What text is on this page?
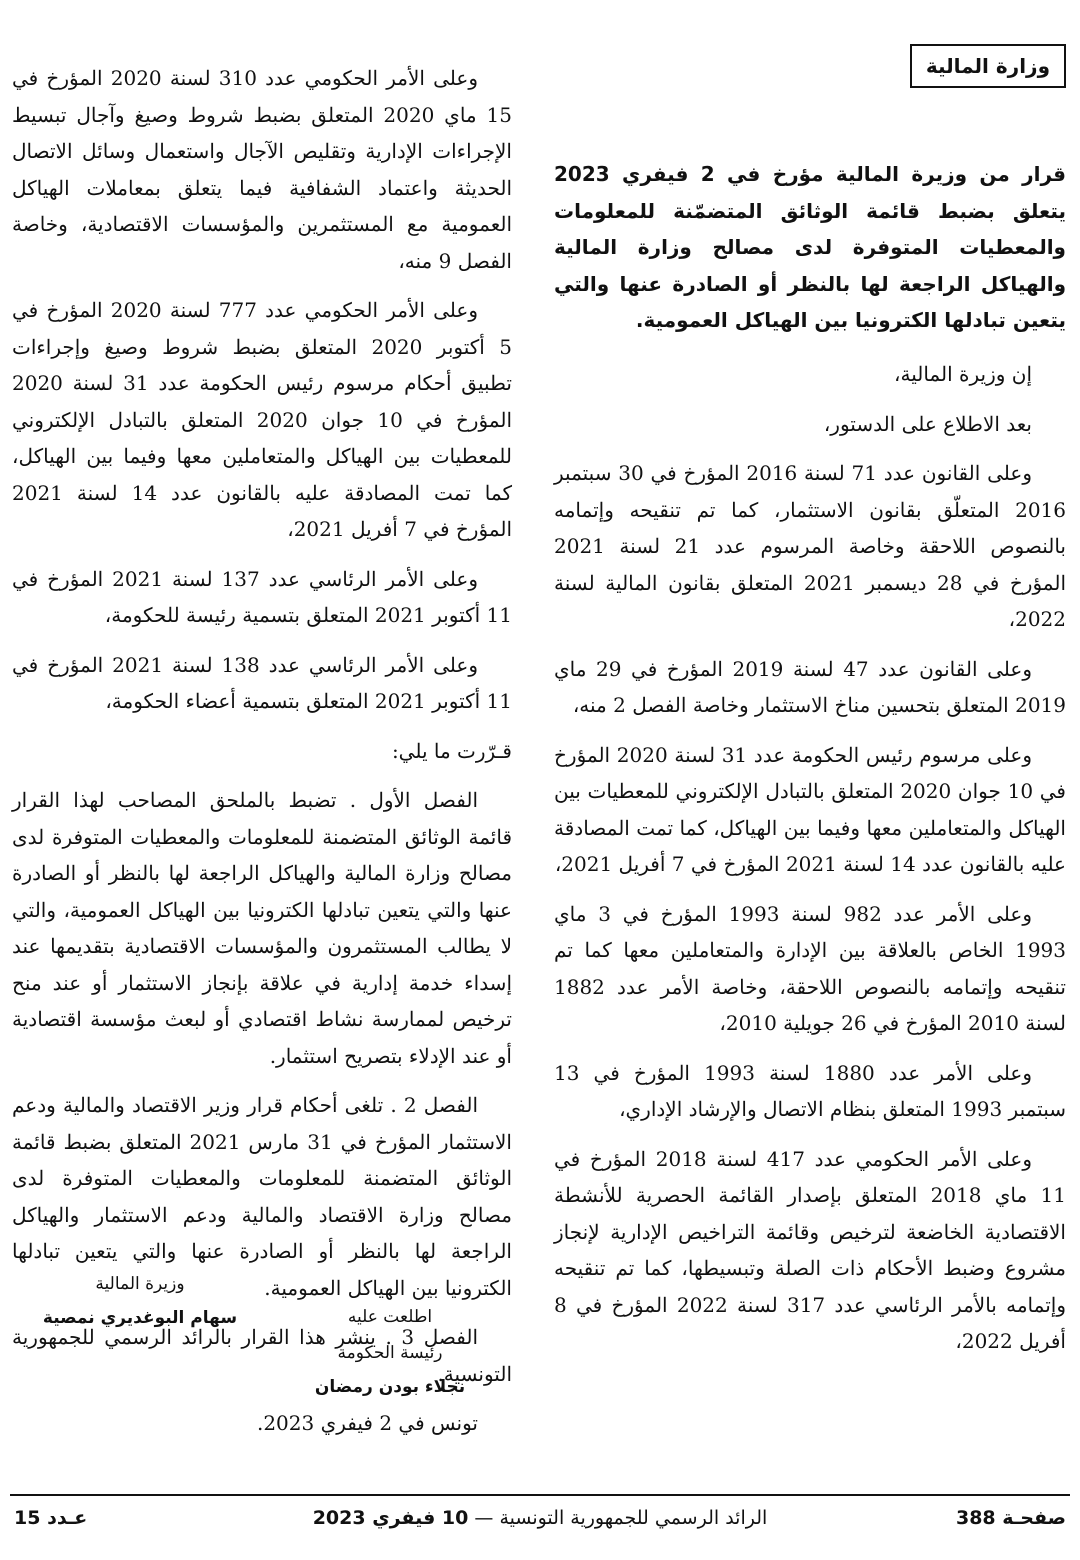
وزارة المالية
قرار من وزيرة المالية مؤرخ في 2 فيفري 2023 يتعلق بضبط قائمة الوثائق المتضمّنة للمعلومات والمعطيات المتوفرة لدى مصالح وزارة المالية والهياكل الراجعة لها بالنظر أو الصادرة عنها والتي يتعين تبادلها الكترونيا بين الهياكل العمومية.

إن وزيرة المالية،

بعد الاطلاع على الدستور،

وعلى القانون عدد 71 لسنة 2016 المؤرخ في 30 سبتمبر 2016 المتعلّق بقانون الاستثمار، كما تم تنقيحه وإتمامه بالنصوص اللاحقة وخاصة المرسوم عدد 21 لسنة 2021 المؤرخ في 28 ديسمبر 2021 المتعلق بقانون المالية لسنة 2022،

وعلى القانون عدد 47 لسنة 2019 المؤرخ في 29 ماي 2019 المتعلق بتحسين مناخ الاستثمار وخاصة الفصل 2 منه،

وعلى مرسوم رئيس الحكومة عدد 31 لسنة 2020 المؤرخ في 10 جوان 2020 المتعلق بالتبادل الإلكتروني للمعطيات بين الهياكل والمتعاملين معها وفيما بين الهياكل، كما تمت المصادقة عليه بالقانون عدد 14 لسنة 2021 المؤرخ في 7 أفريل 2021،

وعلى الأمر عدد 982 لسنة 1993 المؤرخ في 3 ماي 1993 الخاص بالعلاقة بين الإدارة والمتعاملين معها كما تم تنقيحه وإتمامه بالنصوص اللاحقة، وخاصة الأمر عدد 1882 لسنة 2010 المؤرخ في 26 جويلية 2010،

وعلى الأمر عدد 1880 لسنة 1993 المؤرخ في 13 سبتمبر 1993 المتعلق بنظام الاتصال والإرشاد الإداري،

وعلى الأمر الحكومي عدد 417 لسنة 2018 المؤرخ في 11 ماي 2018 المتعلق بإصدار القائمة الحصرية للأنشطة الاقتصادية الخاضعة لترخيص وقائمة التراخيص الإدارية لإنجاز مشروع وضبط الأحكام ذات الصلة وتبسيطها، كما تم تنقيحه وإتمامه بالأمر الرئاسي عدد 317 لسنة 2022 المؤرخ في 8 أفريل 2022،

وعلى الأمر الحكومي عدد 310 لسنة 2020 المؤرخ في 15 ماي 2020 المتعلق بضبط شروط وصيغ وآجال تبسيط الإجراءات الإدارية وتقليص الآجال واستعمال وسائل الاتصال الحديثة واعتماد الشفافية فيما يتعلق بمعاملات الهياكل العمومية مع المستثمرين والمؤسسات الاقتصادية، وخاصة الفصل 9 منه،

وعلى الأمر الحكومي عدد 777 لسنة 2020 المؤرخ في 5 أكتوبر 2020 المتعلق بضبط شروط وصيغ وإجراءات تطبيق أحكام مرسوم رئيس الحكومة عدد 31 لسنة 2020 المؤرخ في 10 جوان 2020 المتعلق بالتبادل الإلكتروني للمعطيات بين الهياكل والمتعاملين معها وفيما بين الهياكل، كما تمت المصادقة عليه بالقانون عدد 14 لسنة 2021 المؤرخ في 7 أفريل 2021،

وعلى الأمر الرئاسي عدد 137 لسنة 2021 المؤرخ في 11 أكتوبر 2021 المتعلق بتسمية رئيسة للحكومة،

وعلى الأمر الرئاسي عدد 138 لسنة 2021 المؤرخ في 11 أكتوبر 2021 المتعلق بتسمية أعضاء الحكومة،

قـرّرت ما يلي:

الفصل الأول . تضبط بالملحق المصاحب لهذا القرار قائمة الوثائق المتضمنة للمعلومات والمعطيات المتوفرة لدى مصالح وزارة المالية والهياكل الراجعة لها بالنظر أو الصادرة عنها والتي يتعين تبادلها الكترونيا بين الهياكل العمومية، والتي لا يطالب المستثمرون والمؤسسات الاقتصادية بتقديمها عند إسداء خدمة إدارية في علاقة بإنجاز الاستثمار أو عند منح ترخيص لممارسة نشاط اقتصادي أو لبعث مؤسسة اقتصادية أو عند الإدلاء بتصريح استثمار.

الفصل 2 . تلغى أحكام قرار وزير الاقتصاد والمالية ودعم الاستثمار المؤرخ في 31 مارس 2021 المتعلق بضبط قائمة الوثائق المتضمنة للمعلومات والمعطيات المتوفرة لدى مصالح وزارة الاقتصاد والمالية ودعم الاستثمار والهياكل الراجعة لها بالنظر أو الصادرة عنها والتي يتعين تبادلها الكترونيا بين الهياكل العمومية.

الفصل 3 . ينشر هذا القرار بالرائد الرسمي للجمهورية التونسية.

تونس في 2 فيفري 2023.

وزيرة المالية
سهام البوغديري نمصية	اطلعت عليه
رئيسة الحكومة
نجلاء بودن رمضان
صفحـة 388
الرائد الرسمي للجمهورية التونسية — 10 فيفري 2023
عـدد 15
